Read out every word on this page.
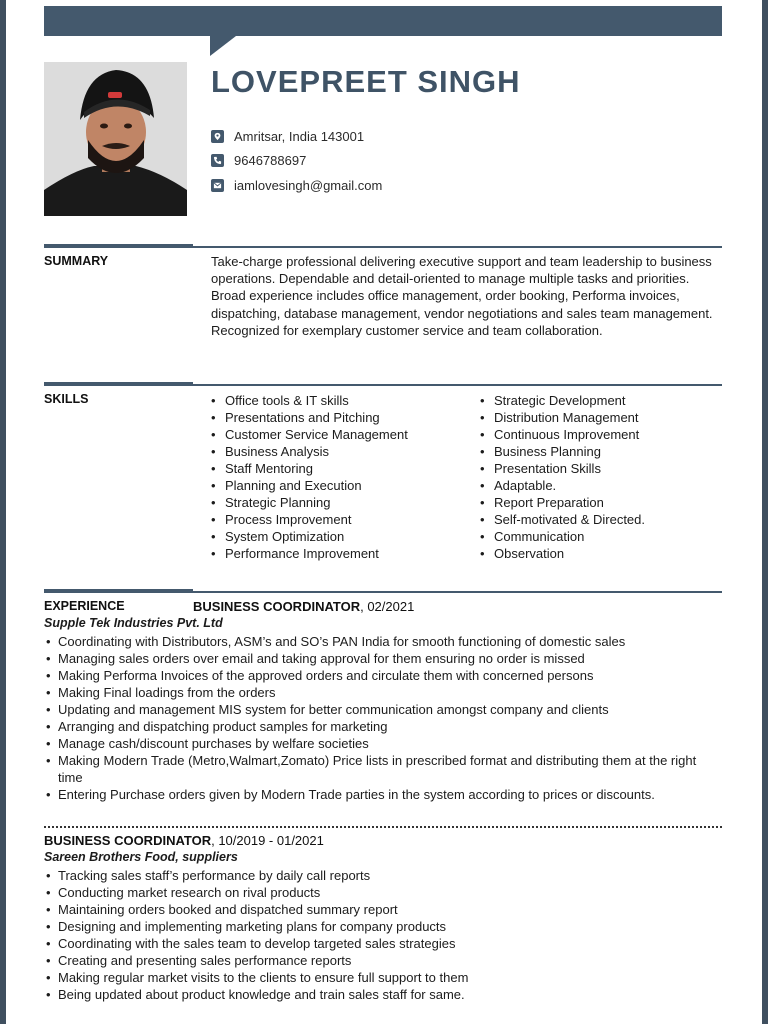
LOVEPREET SINGH
Amritsar, India 143001
9646788697
iamlovesingh@gmail.com
SUMMARY	Take-charge professional delivering executive support and team leadership to business operations. Dependable and detail-oriented to manage multiple tasks and priorities. Broad experience includes office management, order booking, Performa invoices, dispatching, database management, vendor negotiations and sales team management. Recognized for exemplary customer service and team collaboration.
SKILLS
•	Office tools & IT skills
• Presentations and Pitching
• Customer Service Management
• Business Analysis
• Staff Mentoring
• Planning and Execution
• Strategic Planning
• Process Improvement
• System Optimization
• Performance Improvement
• Strategic Development
• Distribution Management
• Continuous Improvement
• Business Planning
• Presentation Skills
• Adaptable.
• Report Preparation
• Self-motivated & Directed.
• Communication
• Observation
EXPERIENCE	BUSINESS COORDINATOR, 02/2021
Supple Tek Industries Pvt. Ltd
• Coordinating with Distributors, ASM’s and SO’s PAN India for smooth functioning of domestic sales
• Managing sales orders over email and taking approval for them ensuring no order is missed
• Making Performa Invoices of the approved orders and circulate them with concerned persons
• Making Final loadings from the orders
• Updating and management MIS system for better communication amongst company and clients
• Arranging and dispatching product samples for marketing
• Manage cash/discount purchases by welfare societies
• Making Modern Trade (Metro,Walmart,Zomato) Price lists in prescribed format and distributing them at the right time
• Entering Purchase orders given by Modern Trade parties in the system according to prices or discounts.
BUSINESS COORDINATOR, 10/2019 - 01/2021
Sareen Brothers Food, suppliers
• Tracking sales staff’s performance by daily call reports
• Conducting market research on rival products
• Maintaining orders booked and dispatched summary report
• Designing and implementing marketing plans for company products
• Coordinating with the sales team to develop targeted sales strategies
• Creating and presenting sales performance reports
• Making regular market visits to the clients to ensure full support to them
• Being updated about product knowledge and train sales staff for same.
